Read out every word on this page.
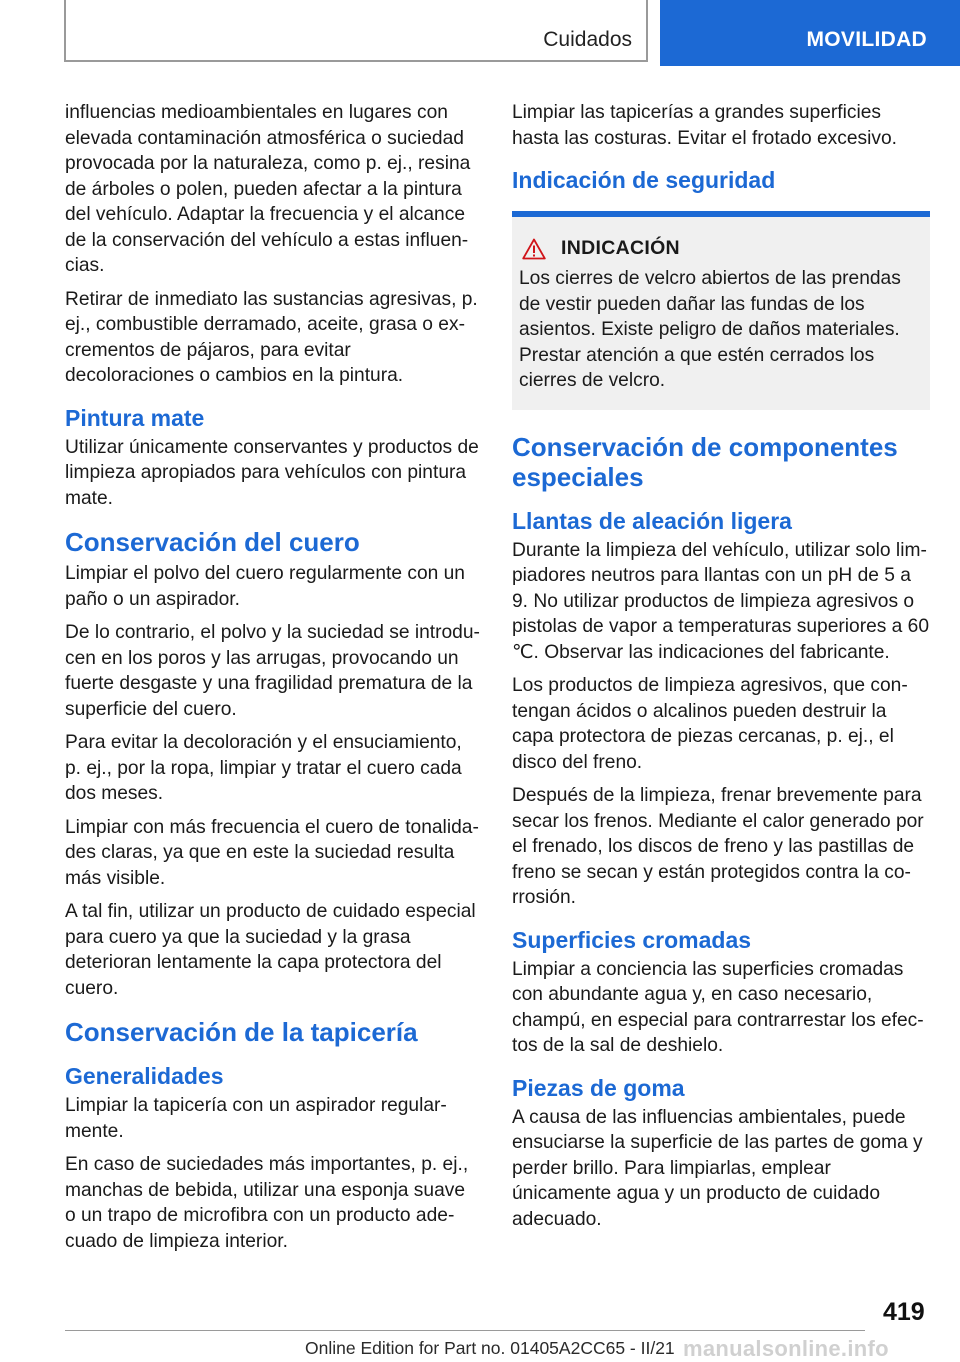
Cuidados	MOVILIDAD

influencias medioambientales en lugares con elevada contaminación atmosférica o suciedad provocada por la naturaleza, como p. ej., resina de árboles o polen, pueden afectar a la pintura del vehículo. Adaptar la frecuencia y el alcance de la conservación del vehículo a estas influencias.

Retirar de inmediato las sustancias agresivas, p. ej., combustible derramado, aceite, grasa o excrementos de pájaros, para evitar decoloraciones o cambios en la pintura.

Pintura mate

Utilizar únicamente conservantes y productos de limpieza apropiados para vehículos con pintura mate.

Conservación del cuero

Limpiar el polvo del cuero regularmente con un paño o un aspirador.

De lo contrario, el polvo y la suciedad se introducen en los poros y las arrugas, provocando un fuerte desgaste y una fragilidad prematura de la superficie del cuero.

Para evitar la decoloración y el ensuciamiento, p. ej., por la ropa, limpiar y tratar el cuero cada dos meses.

Limpiar con más frecuencia el cuero de tonalidades claras, ya que en este la suciedad resulta más visible.

A tal fin, utilizar un producto de cuidado especial para cuero ya que la suciedad y la grasa deterioran lentamente la capa protectora del cuero.

Conservación de la tapicería
Generalidades

Limpiar la tapicería con un aspirador regularmente.

En caso de suciedades más importantes, p. ej., manchas de bebida, utilizar una esponja suave o un trapo de microfibra con un producto adecuado de limpieza interior.

Limpiar las tapicerías a grandes superficies hasta las costuras. Evitar el frotado excesivo.

Indicación de seguridad
INDICACIÓN

Los cierres de velcro abiertos de las prendas de vestir pueden dañar las fundas de los asientos. Existe peligro de daños materiales. Prestar atención a que estén cerrados los cierres de velcro.

Conservación de componentes especiales
Llantas de aleación ligera

Durante la limpieza del vehículo, utilizar solo limpiadores neutros para llantas con un pH de 5 a 9. No utilizar productos de limpieza agresivos o pistolas de vapor a temperaturas superiores a 60 ℃. Observar las indicaciones del fabricante.

Los productos de limpieza agresivos, que contengan ácidos o alcalinos pueden destruir la capa protectora de piezas cercanas, p. ej., el disco del freno.

Después de la limpieza, frenar brevemente para secar los frenos. Mediante el calor generado por el frenado, los discos de freno y las pastillas de freno se secan y están protegidos contra la corrosión.

Superficies cromadas

Limpiar a conciencia las superficies cromadas con abundante agua y, en caso necesario, champú, en especial para contrarrestar los efectos de la sal de deshielo.

Piezas de goma

A causa de las influencias ambientales, puede ensuciarse la superficie de las partes de goma y perder brillo. Para limpiarlas, emplear únicamente agua y un producto de cuidado adecuado.

419
Online Edition for Part no. 01405A2CC65 - II/21 manualsonline.info
